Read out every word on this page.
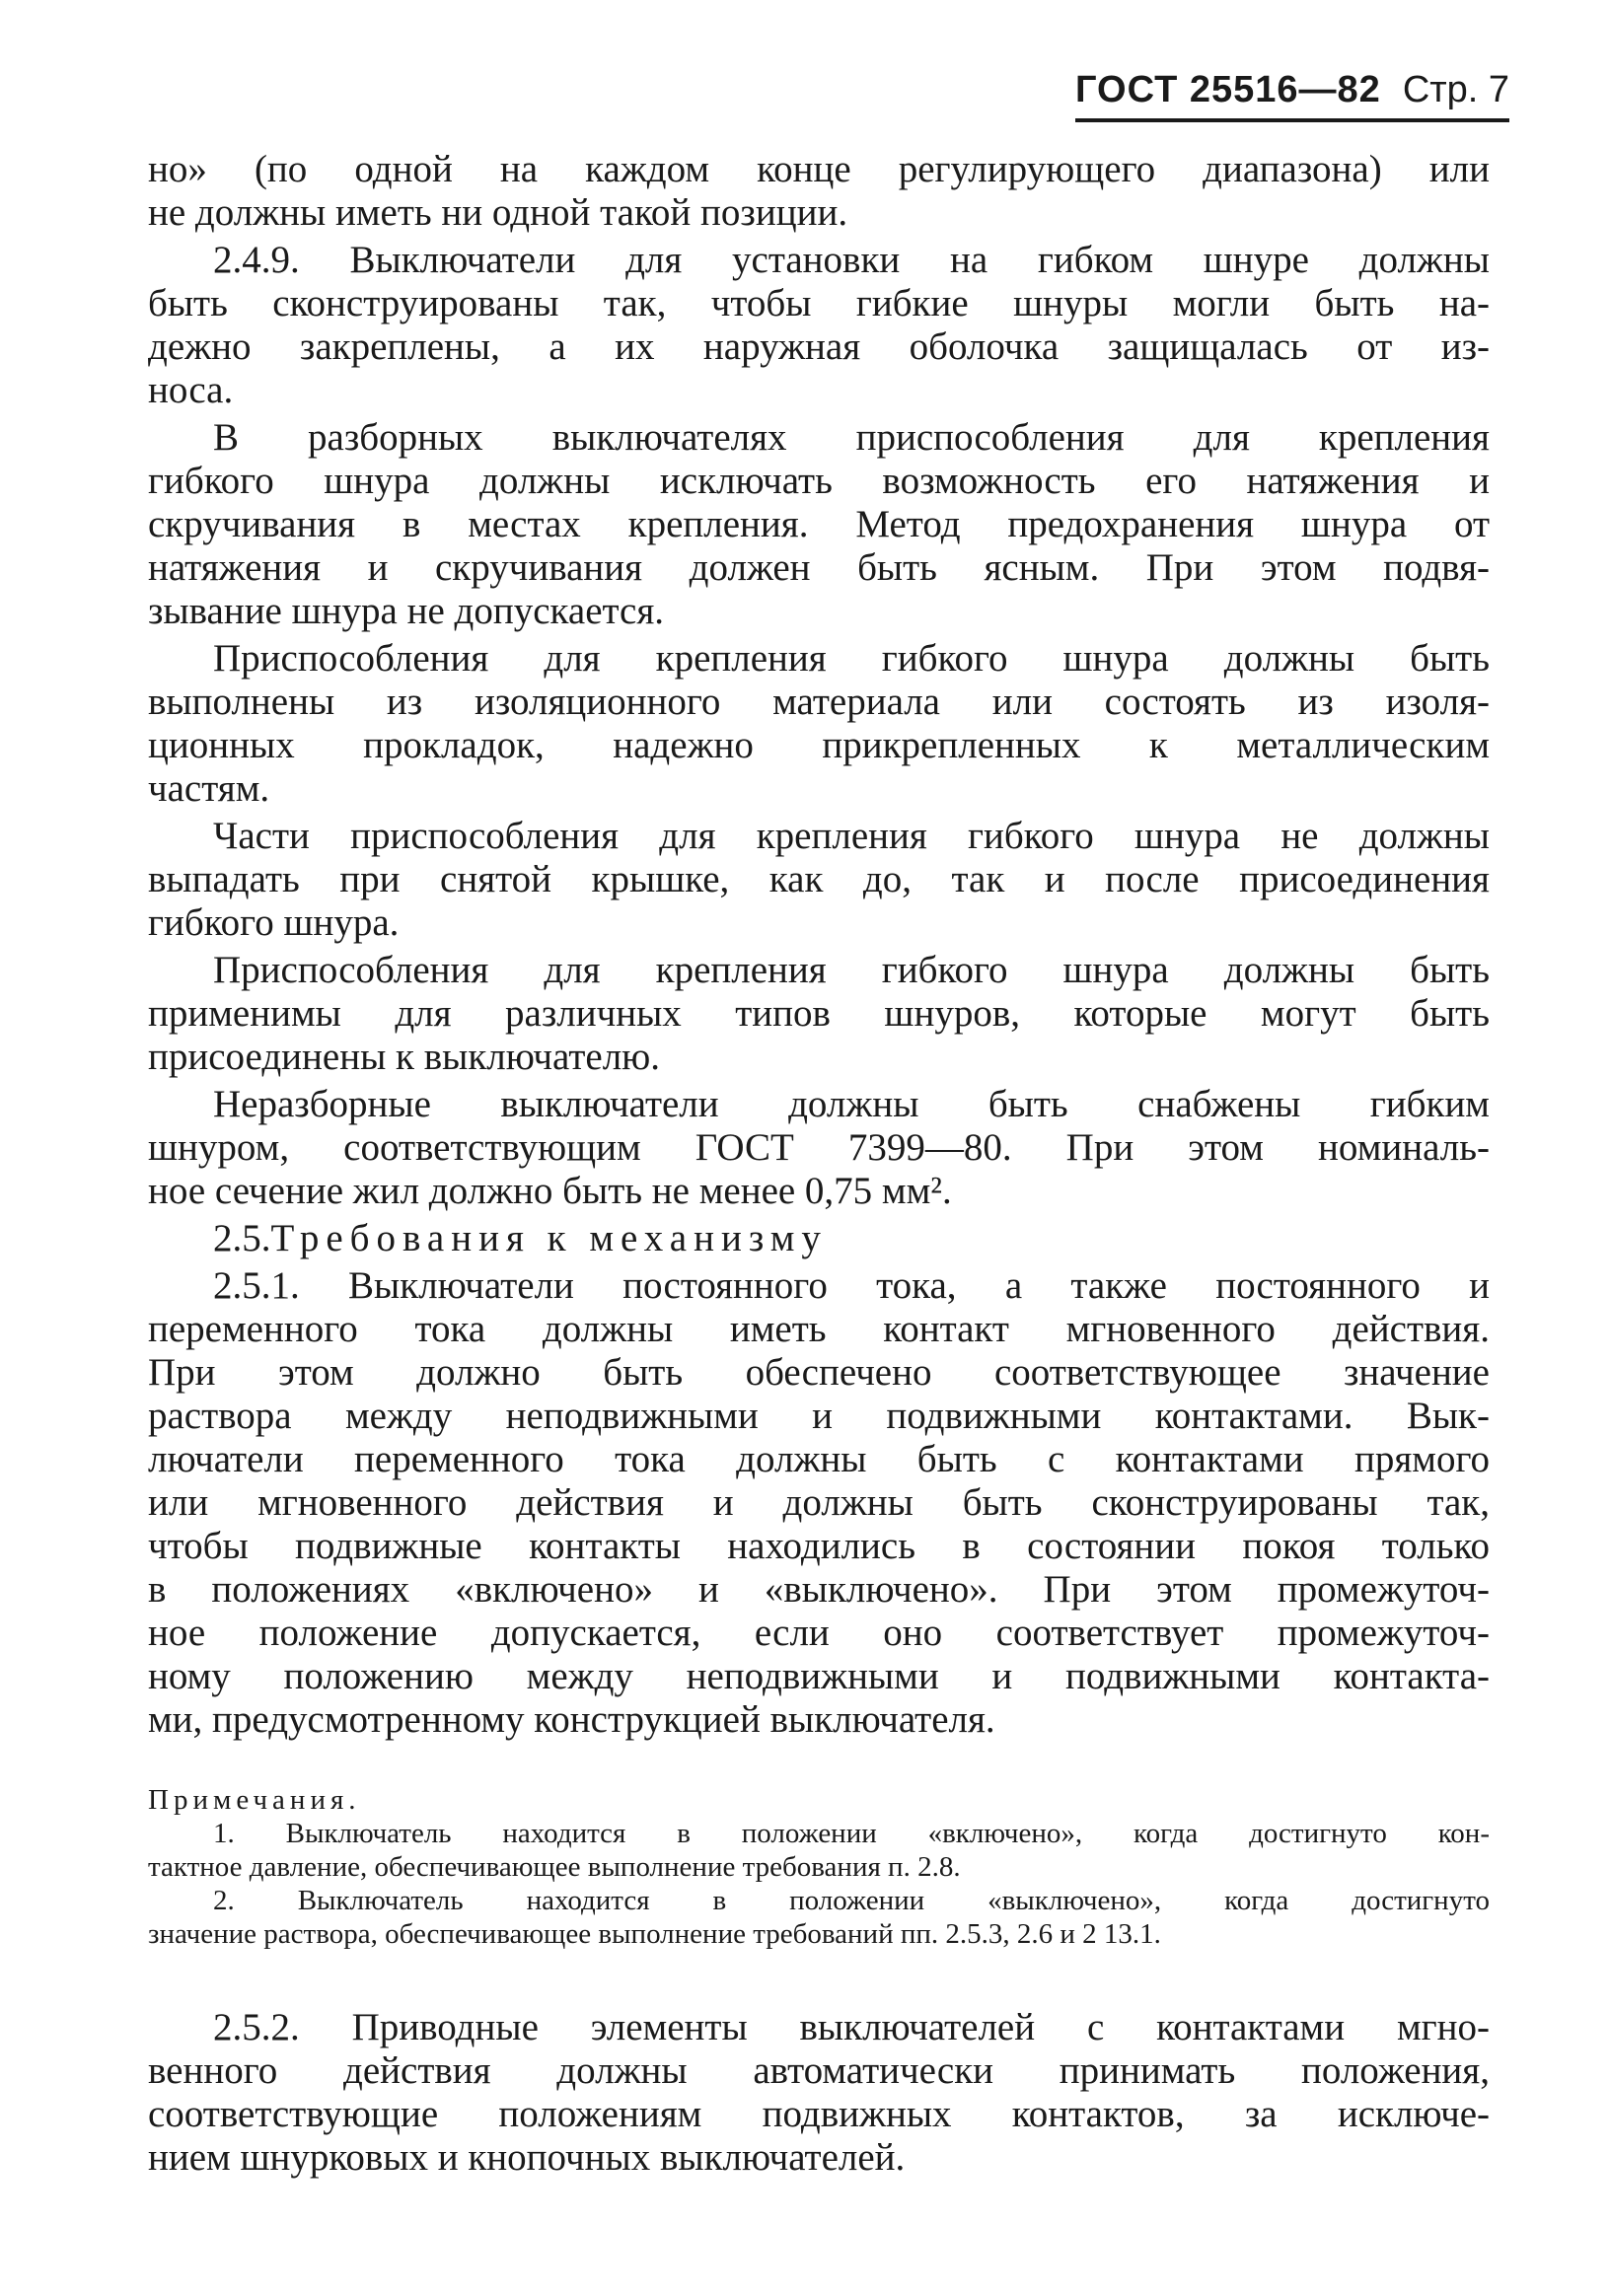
ГОСТ 25516—82 Стр. 7
но» (по одной на каждом конце регулирующего диапазона) или
не должны иметь ни одной такой позиции.
2.4.9. Выключатели для установки на гибком шнуре должны
быть сконструированы так, чтобы гибкие шнуры могли быть на-
дежно закреплены, а их наружная оболочка защищалась от из-
носа.
В разборных выключателях приспособления для крепления
гибкого шнура должны исключать возможность его натяжения и
скручивания в местах крепления. Метод предохранения шнура от
натяжения и скручивания должен быть ясным. При этом подвя-
зывание шнура не допускается.
Приспособления для крепления гибкого шнура должны быть
выполнены из изоляционного материала или состоять из изоля-
ционных прокладок, надежно прикрепленных к металлическим
частям.
Части приспособления для крепления гибкого шнура не должны
выпадать при снятой крышке, как до, так и после присоединения
гибкого шнура.
Приспособления для крепления гибкого шнура должны быть
применимы для различных типов шнуров, которые могут быть
присоединены к выключателю.
Неразборные выключатели должны быть снабжены гибким
шнуром, соответствующим ГОСТ 7399—80. При этом номиналь-
ное сечение жил должно быть не менее 0,75 мм².
2.5.Требования к механизму
2.5.1. Выключатели постоянного тока, а также постоянного и
переменного тока должны иметь контакт мгновенного действия.
При этом должно быть обеспечено соответствующее значение
раствора между неподвижными и подвижными контактами. Вык-
лючатели переменного тока должны быть с контактами прямого
или мгновенного действия и должны быть сконструированы так,
чтобы подвижные контакты находились в состоянии покоя только
в положениях «включено» и «выключено». При этом промежуточ-
ное положение допускается, если оно соответствует промежуточ-
ному положению между неподвижными и подвижными контакта-
ми, предусмотренному конструкцией выключателя.
Примечания.
1. Выключатель находится в положении «включено», когда достигнуто кон-
тактное давление, обеспечивающее выполнение требования п. 2.8.
2. Выключатель находится в положении «выключено», когда достигнуто
значение раствора, обеспечивающее выполнение требований пп. 2.5.3, 2.6 и 2 13.1.
2.5.2. Приводные элементы выключателей с контактами мгно-
венного действия должны автоматически принимать положения,
соответствующие положениям подвижных контактов, за исключе-
нием шнурковых и кнопочных выключателей.
